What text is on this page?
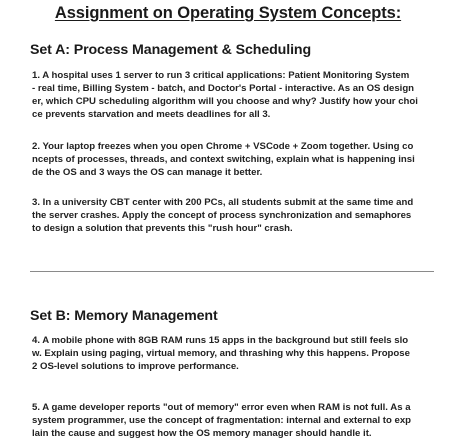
Assignment on Operating System Concepts:
Set A: Process Management & Scheduling
1. A hospital uses 1 server to run 3 critical applications: Patient Monitoring System
- real time, Billing System - batch, and Doctor's Portal - interactive. As an OS design
er, which CPU scheduling algorithm will you choose and why? Justify how your choi
ce prevents starvation and meets deadlines for all 3.
2. Your laptop freezes when you open Chrome + VSCode + Zoom together. Using co
ncepts of processes, threads, and context switching, explain what is happening insi
de the OS and 3 ways the OS can manage it better.
3. In a university CBT center with 200 PCs, all students submit at the same time and
the server crashes. Apply the concept of process synchronization and semaphores
to design a solution that prevents this "rush hour" crash.
Set B: Memory Management
4. A mobile phone with 8GB RAM runs 15 apps in the background but still feels slo
w. Explain using paging, virtual memory, and thrashing why this happens. Propose
2 OS-level solutions to improve performance.
5. A game developer reports "out of memory" error even when RAM is not full. As a
system programmer, use the concept of fragmentation: internal and external to exp
lain the cause and suggest how the OS memory manager should handle it.
